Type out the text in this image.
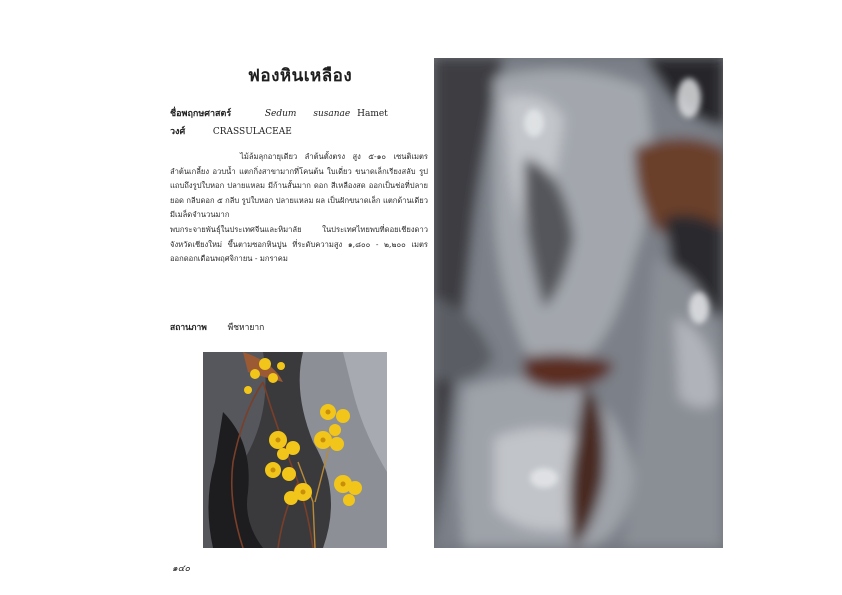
ฟองหินเหลือง
ชื่อพฤกษศาสตร์	Sedum susanae Hamet
วงศ์	CRASSULACEAE

ไม้ล้มลุกอายุเดียว ลำต้นตั้งตรง สูง ๕-๑๐ เซนติเมตร ลำต้นเกลี้ยง อวบน้ำ แตกกิ่งสาขามากที่โคนต้น ใบเดี่ยว ขนาดเล็กเรียงสลับ รูปแถบถึงรูปใบหอก ปลายแหลม มีก้านสั้นมาก ดอก สีเหลืองสด ออกเป็นช่อที่ปลายยอด กลีบดอก ๕ กลีบ รูปใบหอก ปลายแหลม ผล เป็นฝักขนาดเล็ก แตกด้านเดียว มีเมล็ดจำนวนมาก

พบกระจายพันธุ์ในประเทศจีนและหิมาลัย ในประเทศไทยพบที่ดอยเชียงดาว จังหวัดเชียงใหม่ ขึ้นตามซอกหินปูน ที่ระดับความสูง ๑,๘๐๐ - ๒,๒๐๐ เมตร ออกดอกเดือนพฤศจิกายน - มกราคม

สถานภาพ พืชหายาก
๑๔๐
